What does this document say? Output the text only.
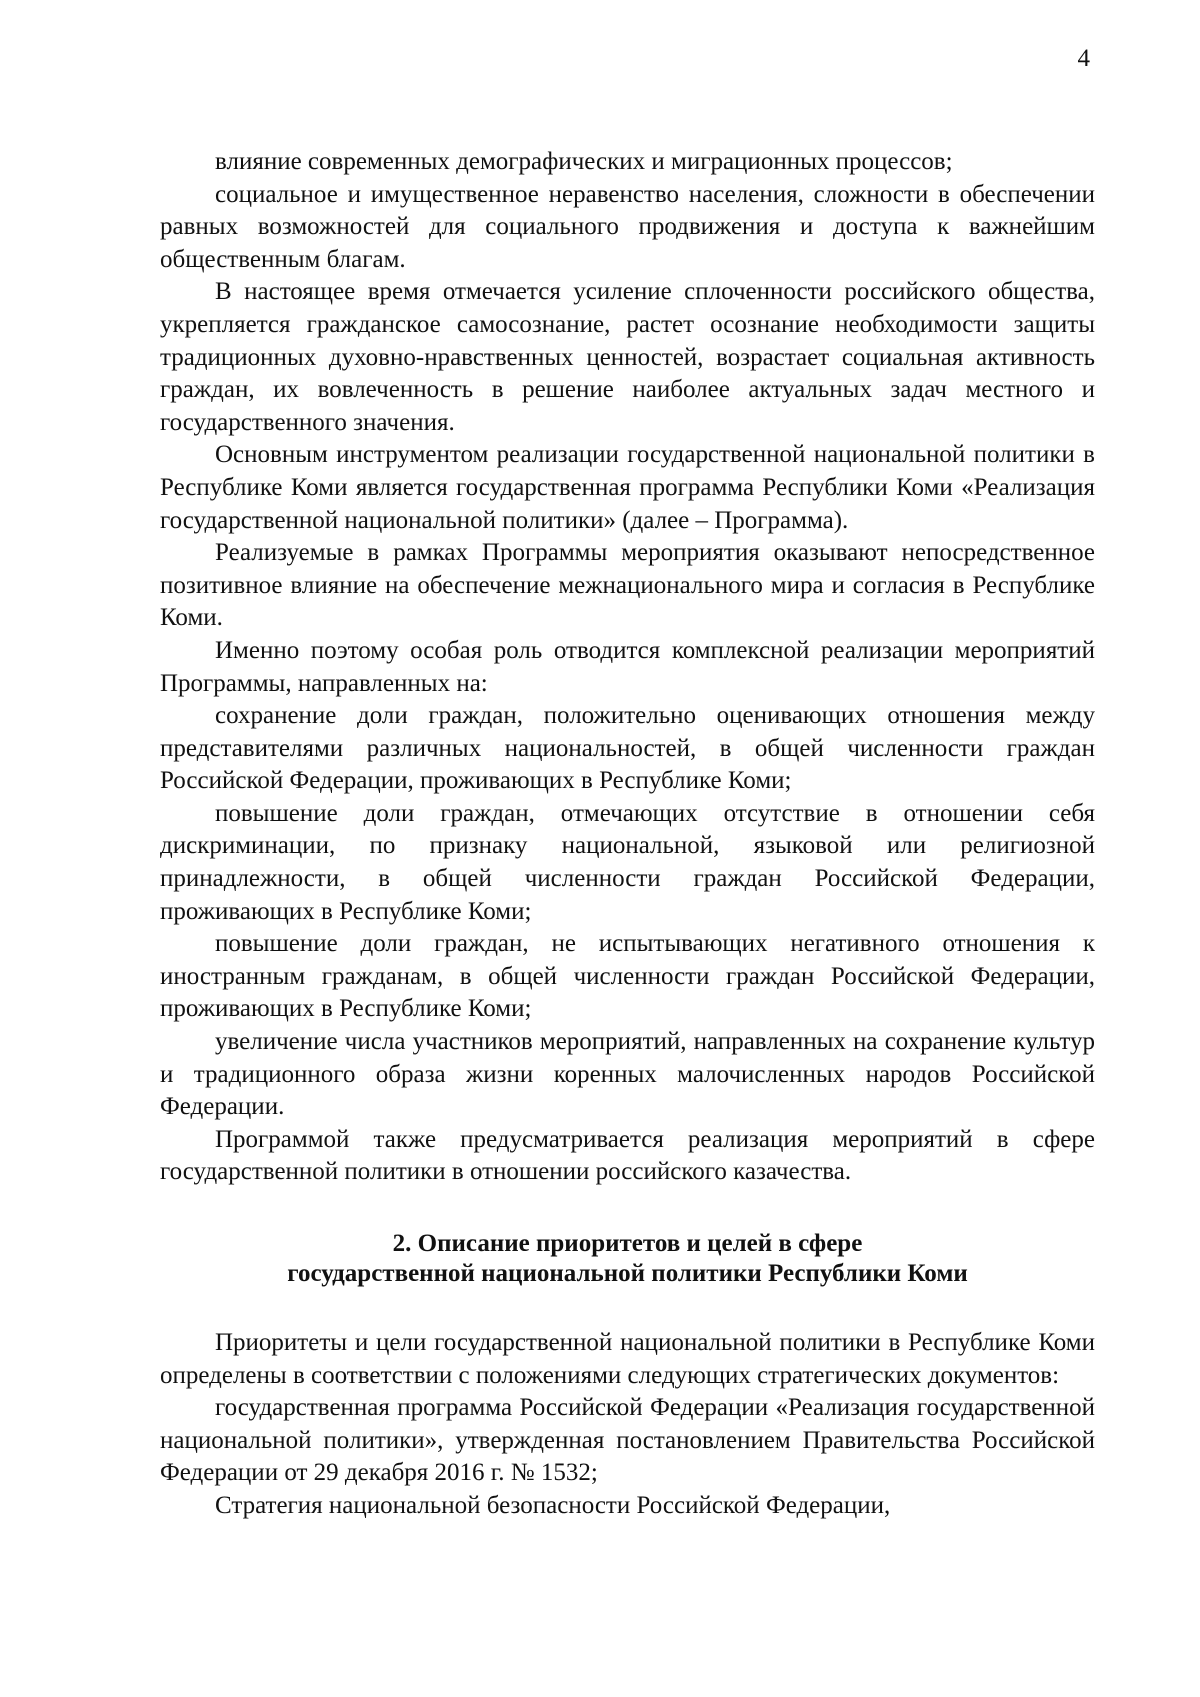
4

влияние современных демографических и миграционных процессов;

социальное и имущественное неравенство населения, сложности в обеспечении равных возможностей для социального продвижения и доступа к важнейшим общественным благам.

В настоящее время отмечается усиление сплоченности российского общества, укрепляется гражданское самосознание, растет осознание необходимости защиты традиционных духовно-нравственных ценностей, возрастает социальная активность граждан, их вовлеченность в решение наиболее актуальных задач местного и государственного значения.

Основным инструментом реализации государственной национальной политики в Республике Коми является государственная программа Республики Коми «Реализация государственной национальной политики» (далее – Программа).

Реализуемые в рамках Программы мероприятия оказывают непосредственное позитивное влияние на обеспечение межнационального мира и согласия в Республике Коми.

Именно поэтому особая роль отводится комплексной реализации мероприятий Программы, направленных на:

сохранение доли граждан, положительно оценивающих отношения между представителями различных национальностей, в общей численности граждан Российской Федерации, проживающих в Республике Коми;

повышение доли граждан, отмечающих отсутствие в отношении себя дискриминации, по признаку национальной, языковой или религиозной принадлежности, в общей численности граждан Российской Федерации, проживающих в Республике Коми;

повышение доли граждан, не испытывающих негативного отношения к иностранным гражданам, в общей численности граждан Российской Федерации, проживающих в Республике Коми;

увеличение числа участников мероприятий, направленных на сохранение культур и традиционного образа жизни коренных малочисленных народов Российской Федерации.

Программой также предусматривается реализация мероприятий в сфере государственной политики в отношении российского казачества.

2. Описание приоритетов и целей в сфере
государственной национальной политики Республики Коми

Приоритеты и цели государственной национальной политики в Республике Коми определены в соответствии с положениями следующих стратегических документов:

государственная программа Российской Федерации «Реализация государственной национальной политики», утвержденная постановлением Правительства Российской Федерации от 29 декабря 2016 г. № 1532;

Стратегия национальной безопасности Российской Федерации,
